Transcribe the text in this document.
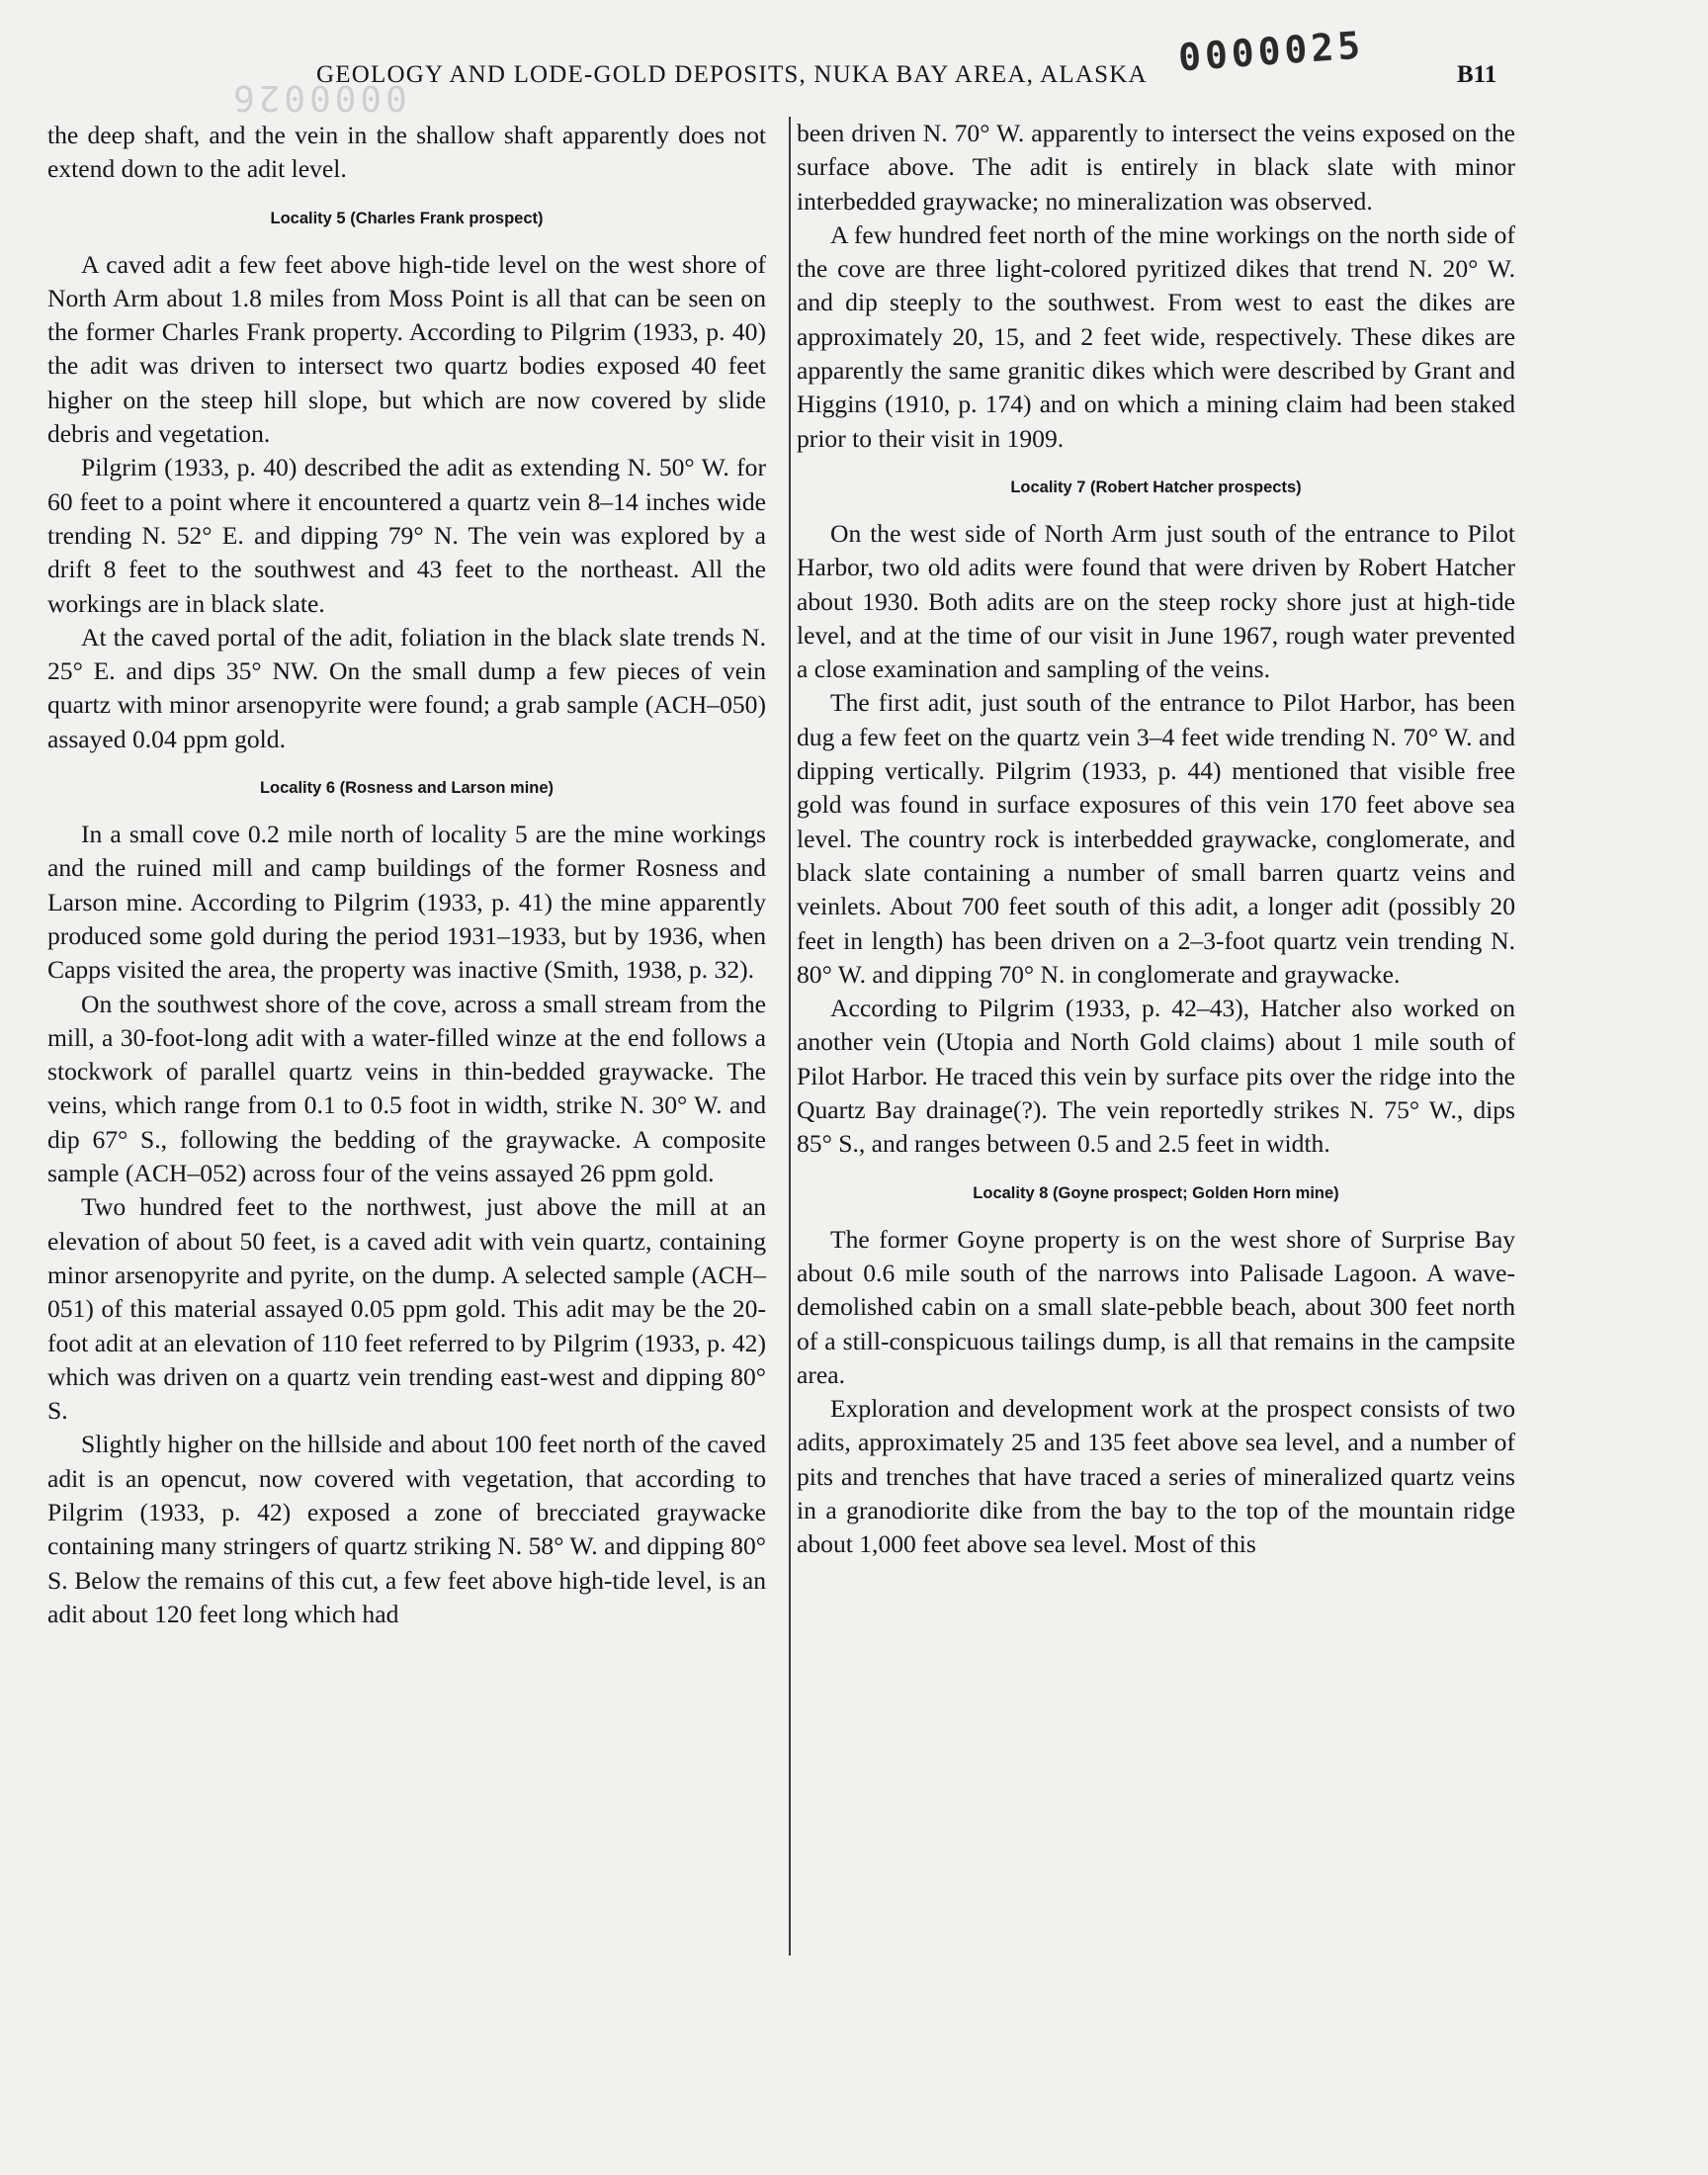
0000025
0000026
GEOLOGY AND LODE-GOLD DEPOSITS, NUKA BAY AREA, ALASKA	B11

the deep shaft, and the vein in the shallow shaft apparently does not extend down to the adit level.

Locality 5 (Charles Frank prospect)

A caved adit a few feet above high-tide level on the west shore of North Arm about 1.8 miles from Moss Point is all that can be seen on the former Charles Frank property. According to Pilgrim (1933, p. 40) the adit was driven to intersect two quartz bodies exposed 40 feet higher on the steep hill slope, but which are now covered by slide debris and vegetation.

Pilgrim (1933, p. 40) described the adit as extending N. 50° W. for 60 feet to a point where it encountered a quartz vein 8–14 inches wide trending N. 52° E. and dipping 79° N. The vein was explored by a drift 8 feet to the southwest and 43 feet to the northeast. All the workings are in black slate.

At the caved portal of the adit, foliation in the black slate trends N. 25° E. and dips 35° NW. On the small dump a few pieces of vein quartz with minor arsenopyrite were found; a grab sample (ACH–050) assayed 0.04 ppm gold.

Locality 6 (Rosness and Larson mine)

In a small cove 0.2 mile north of locality 5 are the mine workings and the ruined mill and camp buildings of the former Rosness and Larson mine. According to Pilgrim (1933, p. 41) the mine apparently produced some gold during the period 1931–1933, but by 1936, when Capps visited the area, the property was inactive (Smith, 1938, p. 32).

On the southwest shore of the cove, across a small stream from the mill, a 30-foot-long adit with a water-filled winze at the end follows a stockwork of parallel quartz veins in thin-bedded graywacke. The veins, which range from 0.1 to 0.5 foot in width, strike N. 30° W. and dip 67° S., following the bedding of the graywacke. A composite sample (ACH–052) across four of the veins assayed 26 ppm gold.

Two hundred feet to the northwest, just above the mill at an elevation of about 50 feet, is a caved adit with vein quartz, containing minor arsenopyrite and pyrite, on the dump. A selected sample (ACH–051) of this material assayed 0.05 ppm gold. This adit may be the 20-foot adit at an elevation of 110 feet referred to by Pilgrim (1933, p. 42) which was driven on a quartz vein trending east-west and dipping 80° S.

Slightly higher on the hillside and about 100 feet north of the caved adit is an opencut, now covered with vegetation, that according to Pilgrim (1933, p. 42) exposed a zone of brecciated graywacke containing many stringers of quartz striking N. 58° W. and dipping 80° S. Below the remains of this cut, a few feet above high-tide level, is an adit about 120 feet long which had

been driven N. 70° W. apparently to intersect the veins exposed on the surface above. The adit is entirely in black slate with minor interbedded graywacke; no mineralization was observed.

A few hundred feet north of the mine workings on the north side of the cove are three light-colored pyritized dikes that trend N. 20° W. and dip steeply to the southwest. From west to east the dikes are approximately 20, 15, and 2 feet wide, respectively. These dikes are apparently the same granitic dikes which were described by Grant and Higgins (1910, p. 174) and on which a mining claim had been staked prior to their visit in 1909.

Locality 7 (Robert Hatcher prospects)

On the west side of North Arm just south of the entrance to Pilot Harbor, two old adits were found that were driven by Robert Hatcher about 1930. Both adits are on the steep rocky shore just at high-tide level, and at the time of our visit in June 1967, rough water prevented a close examination and sampling of the veins.

The first adit, just south of the entrance to Pilot Harbor, has been dug a few feet on the quartz vein 3–4 feet wide trending N. 70° W. and dipping vertically. Pilgrim (1933, p. 44) mentioned that visible free gold was found in surface exposures of this vein 170 feet above sea level. The country rock is interbedded graywacke, conglomerate, and black slate containing a number of small barren quartz veins and veinlets. About 700 feet south of this adit, a longer adit (possibly 20 feet in length) has been driven on a 2–3-foot quartz vein trending N. 80° W. and dipping 70° N. in conglomerate and graywacke.

According to Pilgrim (1933, p. 42–43), Hatcher also worked on another vein (Utopia and North Gold claims) about 1 mile south of Pilot Harbor. He traced this vein by surface pits over the ridge into the Quartz Bay drainage(?). The vein reportedly strikes N. 75° W., dips 85° S., and ranges between 0.5 and 2.5 feet in width.

Locality 8 (Goyne prospect; Golden Horn mine)

The former Goyne property is on the west shore of Surprise Bay about 0.6 mile south of the narrows into Palisade Lagoon. A wave-demolished cabin on a small slate-pebble beach, about 300 feet north of a still-conspicuous tailings dump, is all that remains in the campsite area.

Exploration and development work at the prospect consists of two adits, approximately 25 and 135 feet above sea level, and a number of pits and trenches that have traced a series of mineralized quartz veins in a granodiorite dike from the bay to the top of the mountain ridge about 1,000 feet above sea level. Most of this
